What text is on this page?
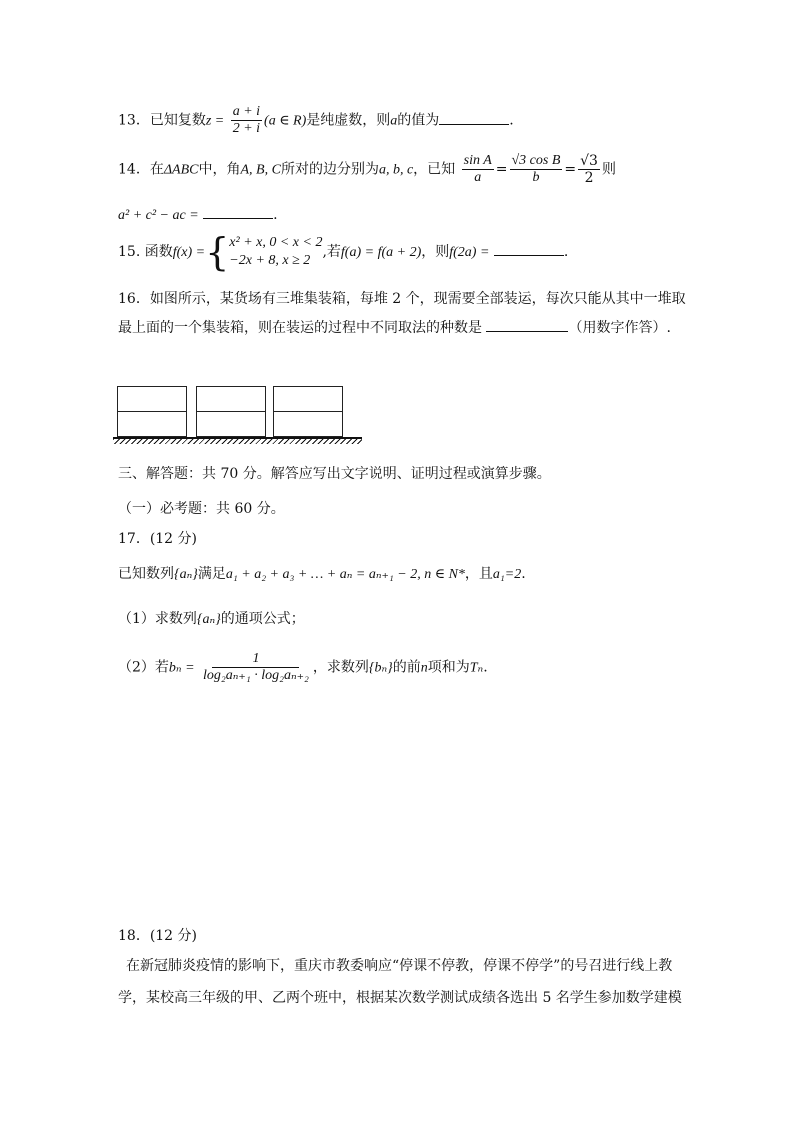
13．已知复数$z = \frac{a + i}{2 + i} (a$ ∈ R)是纯虚数，则a的值为	.
14．在ΔABC中，角A, B, C所对的边分别为a, b, c，已知 $\frac{\text{sin A}}{a} = \frac{\text{√3 cos B}}{b} = \frac{√3}{2}$ 则
a² + c² − ac =	.
15. 函数f(x) ={ x² + x, 0 < x < 2
−2x + 8, x ≥ 2
,若f(a) = f(a + 2)，则f(2a) =	.
16．如图所示，某货场有三堆集装箱，每堆 2 个，现需要全部装运，每次只能从其中一堆取
最上面的一个集装箱，则在装运的过程中不同取法的种数是	（用数字作答）.
三、解答题：共 70 分。解答应写出文字说明、证明过程或演算步骤。
（一）必考题：共 60 分。
17．(12 分)
已知数列{aₙ}满足a₁ + a₂ + a₃ + … + aₙ = aₙ₊₁ − 2, n ∈ N*，且a₁=2.
（1）求数列{aₙ}的通项公式；
（2）若$b_n = \frac{1}{\text{log₂aₙ₊₁ · log₂aₙ₊₂}}$ ，求数列{bₙ}的前n项和为Tₙ.
18．(12 分)
在新冠肺炎疫情的影响下，重庆市教委响应“停课不停教，停课不停学”的号召进行线上教
学，某校高三年级的甲、乙两个班中，根据某次数学测试成绩各选出 5 名学生参加数学建模
